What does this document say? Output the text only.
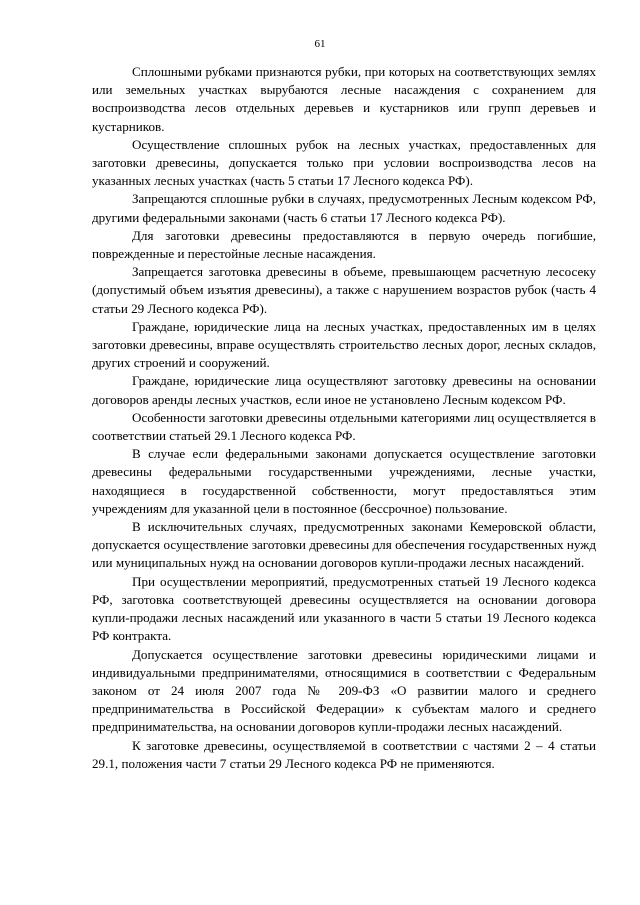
61

Сплошными рубками признаются рубки, при которых на соответствующих землях или земельных участках вырубаются лесные насаждения с сохранением для воспроизводства лесов отдельных деревьев и кустарников или групп деревьев и кустарников.

Осуществление сплошных рубок на лесных участках, предоставленных для заготовки древесины, допускается только при условии воспроизводства лесов на указанных лесных участках (часть 5 статьи 17 Лесного кодекса РФ).

Запрещаются сплошные рубки в случаях, предусмотренных Лесным кодексом РФ, другими федеральными законами (часть 6 статьи 17 Лесного кодекса РФ).

Для заготовки древесины предоставляются в первую очередь погибшие, поврежденные и перестойные лесные насаждения.

Запрещается заготовка древесины в объеме, превышающем расчетную лесосеку (допустимый объем изъятия древесины), а также с нарушением возрастов рубок (часть 4 статьи 29 Лесного кодекса РФ).

Граждане, юридические лица на лесных участках, предоставленных им в целях заготовки древесины, вправе осуществлять строительство лесных дорог, лесных складов, других строений и сооружений.

Граждане, юридические лица осуществляют заготовку древесины на основании договоров аренды лесных участков, если иное не установлено Лесным кодексом РФ.

Особенности заготовки древесины отдельными категориями лиц осуществляется в соответствии статьей 29.1 Лесного кодекса РФ.

В случае если федеральными законами допускается осуществление заготовки древесины федеральными государственными учреждениями, лесные участки, находящиеся в государственной собственности, могут предоставляться этим учреждениям для указанной цели в постоянное (бессрочное) пользование.

В исключительных случаях, предусмотренных законами Кемеровской области, допускается осуществление заготовки древесины для обеспечения государственных нужд или муниципальных нужд на основании договоров купли-продажи лесных насаждений.

При осуществлении мероприятий, предусмотренных статьей 19 Лесного кодекса РФ, заготовка соответствующей древесины осуществляется на основании договора купли-продажи лесных насаждений или указанного в части 5 статьи 19 Лесного кодекса РФ контракта.

Допускается осуществление заготовки древесины юридическими лицами и индивидуальными предпринимателями, относящимися в соответствии с Федеральным законом от 24 июля 2007 года № 209-ФЗ «О развитии малого и среднего предпринимательства в Российской Федерации» к субъектам малого и среднего предпринимательства, на основании договоров купли-продажи лесных насаждений.

К заготовке древесины, осуществляемой в соответствии с частями 2 – 4 статьи 29.1, положения части 7 статьи 29 Лесного кодекса РФ не применяются.
